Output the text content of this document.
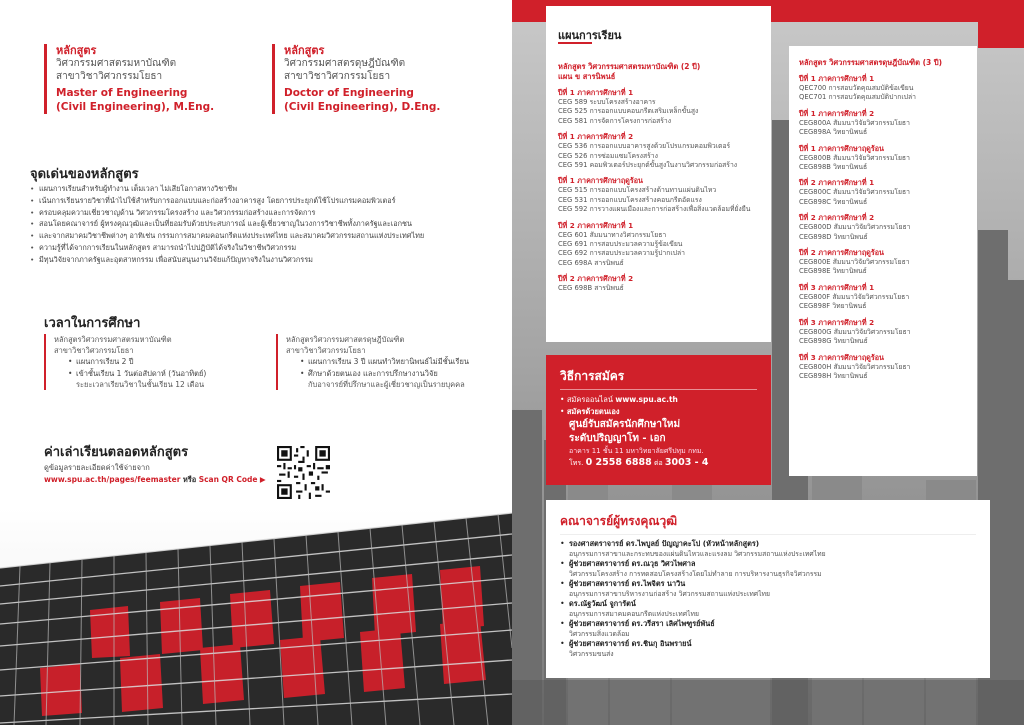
หลักสูตร
วิศวกรรมศาสตรมหาบัณฑิต
สาขาวิชาวิศวกรรมโยธา
Master of Engineering
(Civil Engineering), M.Eng.
หลักสูตร
วิศวกรรมศาสตรดุษฎีบัณฑิต
สาขาวิชาวิศวกรรมโยธา
Doctor of Engineering
(Civil Engineering), D.Eng.
จุดเด่นของหลักสูตร
• แผนการเรียนสำหรับผู้ทำงาน เต็มเวลา ไม่เสียโอกาสทางวิชาชีพ
• เน้นการเรียนรายวิชาที่นำไปใช้สำหรับการออกแบบและก่อสร้างอาคารสูง โดยการประยุกต์ใช้โปรแกรมคอมพิวเตอร์
• ครอบคลุมความเชี่ยวชาญด้าน วิศวกรรมโครงสร้าง และวิศวกรรมก่อสร้างและการจัดการ
• สอนโดยคณาจารย์ ผู้ทรงคุณวุฒิและเป็นที่ยอมรับด้วยประสบการณ์ และผู้เชี่ยวชาญในวงการวิชาชีพทั้งภาครัฐและเอกชน
• และจากสมาคมวิชาชีพต่างๆ อาทิเช่น กรรมการสมาคมคอนกรีตแห่งประเทศไทย และสมาคมวิศวกรรมสถานแห่งประเทศไทย
• ความรู้ที่ได้จากการเรียนในหลักสูตร สามารถนำไปปฏิบัติได้จริงในวิชาชีพวิศวกรรม
• มีทุนวิจัยจากภาครัฐและอุตสาหกรรม เพื่อสนับสนุนงานวิจัยแก้ปัญหาจริงในงานวิศวกรรม
เวลาในการศึกษา
หลักสูตรวิศวกรรมศาสตรมหาบัณฑิต
สาขาวิชาวิศวกรรมโยธา
• แผนการเรียน 2 ปี
• เข้าชั้นเรียน 1 วันต่อสัปดาห์ (วันอาทิตย์)
ระยะเวลาเรียนวิชาในชั้นเรียน 12 เดือน
หลักสูตรวิศวกรรมศาสตรดุษฎีบัณฑิต
สาขาวิชาวิศวกรรมโยธา
• แผนการเรียน 3 ปี แผนทำวิทยานิพนธ์ไม่มีชั้นเรียน
• ศึกษาด้วยตนเอง และการปรึกษางานวิจัย
กับอาจารย์ที่ปรึกษาและผู้เชี่ยวชาญเป็นรายบุคคล
ค่าเล่าเรียนตลอดหลักสูตร
ดูข้อมูลรายละเอียดค่าใช้จ่ายจาก
www.spu.ac.th/pages/feemaster หรือ Scan QR Code ▶
แผนการเรียน
หลักสูตร วิศวกรรมศาสตรมหาบัณฑิต (2 ปี)
แผน ข สารนิพนธ์
ปีที่ 1 ภาคการศึกษาที่ 1
CEG 589 ระบบโครงสร้างอาคาร
CEG 525 การออกแบบคอนกรีตเสริมเหล็กขั้นสูง
CEG 581 การจัดการโครงการก่อสร้าง
ปีที่ 1 ภาคการศึกษาที่ 2
CEG 536 การออกแบบอาคารสูงด้วยโปรแกรมคอมพิวเตอร์
CEG 526 การซ่อมแซมโครงสร้าง
CEG 591 คอมพิวเตอร์ประยุกต์ขั้นสูงในงานวิศวกรรมก่อสร้าง
ปีที่ 1 ภาคการศึกษาฤดูร้อน
CEG 515 การออกแบบโครงสร้างด้านทานแผ่นดินไหว
CEG 531 การออกแบบโครงสร้างคอนกรีตอัดแรง
CEG 592 การวางแผนเมืองและการก่อสร้างเพื่อสิ่งแวดล้อมที่ยั่งยืน
ปีที่ 2 ภาคการศึกษาที่ 1
CEG 601 สัมมนาทางวิศวกรรมโยธา
CEG 691 การสอบประมวลความรู้ข้อเขียน
CEG 692 การสอบประมวลความรู้ปากเปล่า
CEG 698A สารนิพนธ์
ปีที่ 2 ภาคการศึกษาที่ 2
CEG 698B สารนิพนธ์
หลักสูตร วิศวกรรมศาสตรดุษฎีบัณฑิต (3 ปี)
ปีที่ 1 ภาคการศึกษาที่ 1
QEC700 การสอบวัดคุณสมบัติข้อเขียน
QEC701 การสอบวัดคุณสมบัติปากเปล่า
ปีที่ 1 ภาคการศึกษาที่ 2
CEG800A สัมมนาวิจัยวิศวกรรมโยธา
CEG898A วิทยานิพนธ์
ปีที่ 1 ภาคการศึกษาฤดูร้อน
CEG800B สัมมนาวิจัยวิศวกรรมโยธา
CEG898B วิทยานิพนธ์
ปีที่ 2 ภาคการศึกษาที่ 1
CEG800C สัมมนาวิจัยวิศวกรรมโยธา
CEG898C วิทยานิพนธ์
ปีที่ 2 ภาคการศึกษาที่ 2
CEG800D สัมมนาวิจัยวิศวกรรมโยธา
CEG898D วิทยานิพนธ์
ปีที่ 2 ภาคการศึกษาฤดูร้อน
CEG800E สัมมนาวิจัยวิศวกรรมโยธา
CEG898E วิทยานิพนธ์
ปีที่ 3 ภาคการศึกษาที่ 1
CEG800F สัมมนาวิจัยวิศวกรรมโยธา
CEG898F วิทยานิพนธ์
ปีที่ 3 ภาคการศึกษาที่ 2
CEG800G สัมมนาวิจัยวิศวกรรมโยธา
CEG898G วิทยานิพนธ์
ปีที่ 3 ภาคการศึกษาฤดูร้อน
CEG800H สัมมนาวิจัยวิศวกรรมโยธา
CEG898H วิทยานิพนธ์
วิธีการสมัคร
• สมัครออนไลน์ www.spu.ac.th
• สมัครด้วยตนเอง
ศูนย์รับสมัครนักศึกษาใหม่
ระดับปริญญาโท - เอก
อาคาร 11 ชั้น 11 มหาวิทยาลัยศรีปทุม กทม.
โทร. 0 2558 6888 ต่อ 3003 - 4
คณาจารย์ผู้ทรงคุณวุฒิ
• รองศาสตราจารย์ ดร.ไพบูลย์ ปัญญาคะโป (หัวหน้าหลักสูตร)
อนุกรรมการสาขาและกระทบของแผ่นดินไหวและแรงลม วิศวกรรมสถานแห่งประเทศไทย
• ผู้ช่วยศาสตราจารย์ ดร.ณวุธ วิศวไพศาล
วิศวกรรมโครงสร้าง การทดสอบโครงสร้างโดยไม่ทำลาย การบริหารงานธุรกิจวิศวกรรม
• ผู้ช่วยศาสตราจารย์ ดร.ไพจิตร นาวิน
อนุกรรมการสาขาบริหารงานก่อสร้าง วิศวกรรมสถานแห่งประเทศไทย
• ดร.ณัฐวัฒน์ จูการัตน์
อนุกรรมการสมาคมคอนกรีตแห่งประเทศไทย
• ผู้ช่วยศาสตราจารย์ ดร.วรีสรา เลิศไพฑูรย์พันธ์
วิศวกรรมสิ่งแวดล้อม
• ผู้ช่วยศาสตราจารย์ ดร.ชินกุ อินพรายน์
วิศวกรรมขนส่ง
